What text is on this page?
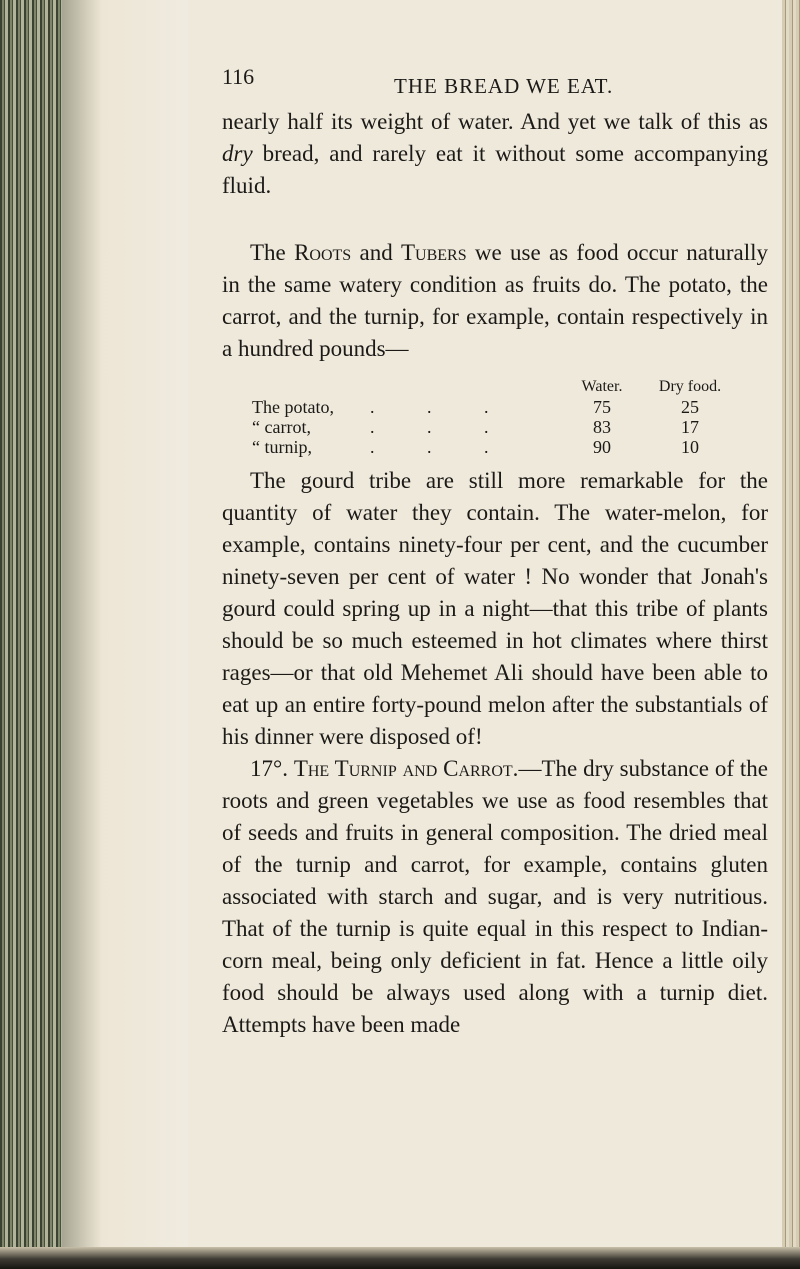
116	THE BREAD WE EAT.

nearly half its weight of water. And yet we talk of this as dry bread, and rarely eat it without some accompanying fluid.

The Roots and Tubers we use as food occur naturally in the same watery condition as fruits do. The potato, the carrot, and the turnip, for example, contain respectively in a hundred pounds—

		Water.	Dry food.
The potato,	. . .	75	25
“ carrot,	. . .	83	17
“ turnip,	. . .	90	10

The gourd tribe are still more remarkable for the quantity of water they contain. The water-melon, for example, contains ninety-four per cent, and the cucumber ninety-seven per cent of water ! No wonder that Jonah's gourd could spring up in a night—that this tribe of plants should be so much esteemed in hot climates where thirst rages—or that old Mehemet Ali should have been able to eat up an entire forty-pound melon after the substantials of his dinner were disposed of!

17°. The Turnip and Carrot.—The dry substance of the roots and green vegetables we use as food resembles that of seeds and fruits in general composition. The dried meal of the turnip and carrot, for example, contains gluten associated with starch and sugar, and is very nutritious. That of the turnip is quite equal in this respect to Indian-corn meal, being only deficient in fat. Hence a little oily food should be always used along with a turnip diet. Attempts have been made
